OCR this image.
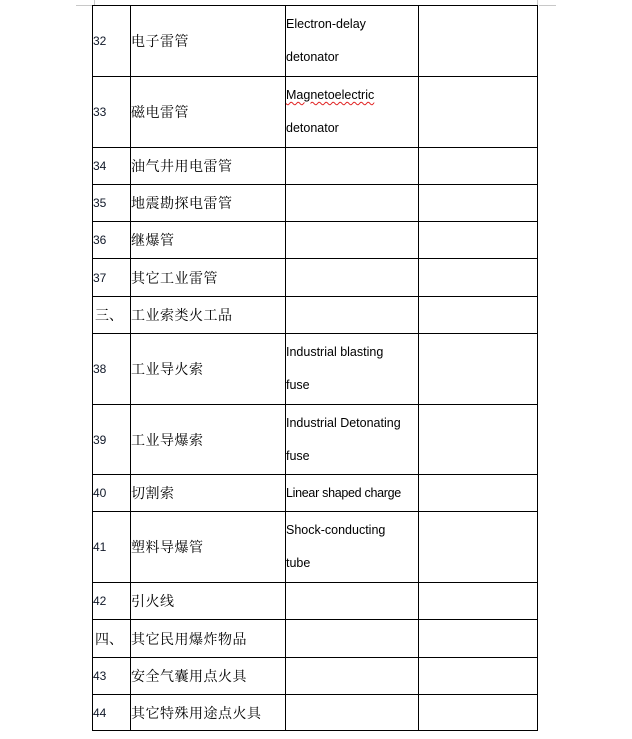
32	电子雷管	Electron-delay
detonator	

33	磁电雷管	Magnetoelectric
detonator	

34	油气井用电雷管		
35	地震勘探电雷管		
36	继爆管		
37	其它工业雷管		
三、	工业索类火工品		
38	工业导火索	Industrial blasting
fuse	

39	工业导爆索	Industrial Detonating
fuse	

40	切割索	Linear shaped charge	

41	塑料导爆管	Shock-conducting
tube	

42	引火线		
四、	其它民用爆炸物品		
43	安全气囊用点火具		
44	其它特殊用途点火具		
